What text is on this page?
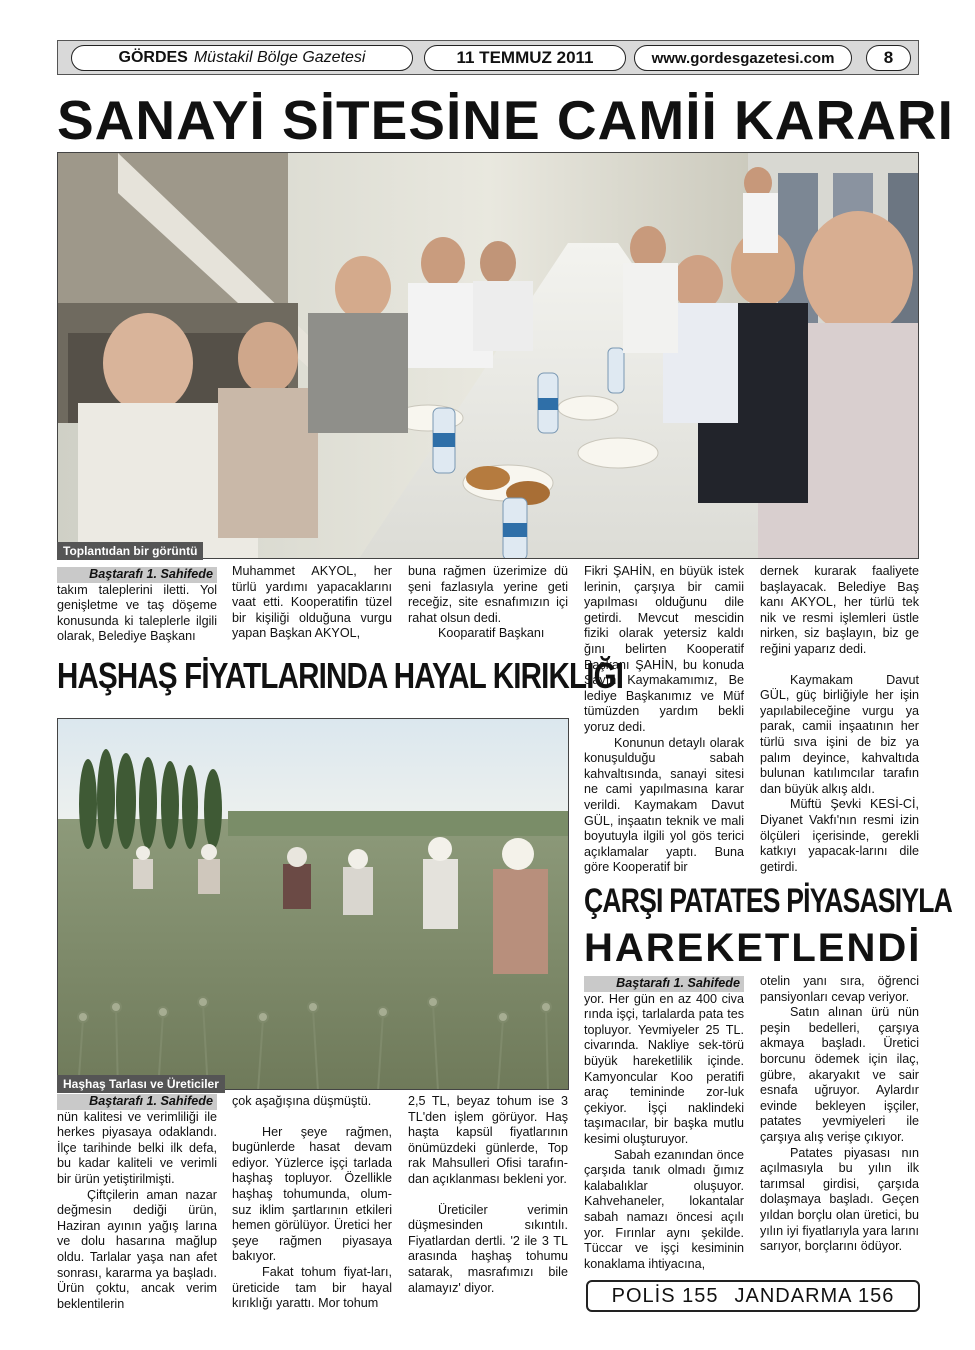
GÖRDES Müstakil Bölge Gazetesi	11 TEMMUZ 2011	www.gordesgazetesi.com	8
SANAYİ SİTESİNE CAMİİ KARARI
Toplantıdan bir görüntü
Baştarafı 1. Sahifede

takım taleplerini iletti. Yol genişletme ve taş döşeme konusunda ki taleplerle ilgili olarak, Belediye Başkanı

Muhammet AKYOL, her türlü yardımı yapacaklarını vaat etti. Kooperatifin tüzel bir kişiliği olduğuna vurgu yapan Başkan AKYOL,

buna rağmen üzerimize dü şeni fazlasıyla yerine geti receğiz, site esnafımızın içi rahat olsun dedi.

Kooparatif Başkanı

Fikri ŞAHİN, en büyük istek lerinin, çarşıya bir camii yapılması olduğunu dile getirdi. Mevcut mescidin fiziki olarak yetersiz kaldı ğını belirten Kooperatif Başkanı ŞAHİN, bu konuda Sayın Kaymakamımız, Be lediye Başkanımız ve Müf tümüzden yardım bekli yoruz dedi.

Konunun detaylı olarak konuşulduğu sabah kahvaltısında, sanayi sitesi ne cami yapılmasına karar verildi. Kaymakam Davut GÜL, inşaatın teknik ve mali boyutuyla ilgili yol gös terici açıklamalar yaptı. Buna göre Kooperatif bir

dernek kurarak faaliyete başlayacak. Belediye Baş kanı AKYOL, her türlü tek nik ve resmi işlemleri üstle nirken, siz başlayın, biz ge reğini yaparız dedi.

Kaymakam Davut GÜL, güç birliğiyle her işin yapılabileceğine vurgu ya parak, camii inşaatının her türlü sıva işini de biz ya palım deyince, kahvaltıda bulunan katılımcılar tarafın dan büyük alkış aldı.

Müftü Şevki KESİ-Cİ, Diyanet Vakfı'nın resmi izin ölçüleri içerisinde, gerekli katkıyı yapacak-larını dile getirdi.

HAŞHAŞ FİYATLARINDA HAYAL KIRIKLIĞI
Haşhaş Tarlası ve Üreticiler
Baştarafı 1. Sahifede

nün kalitesi ve verimliliği ile herkes piyasaya odaklandı. İlçe tarihinde belki ilk defa, bu kadar kaliteli ve verimli bir ürün yetiştirilmişti.

Çiftçilerin aman nazar değmesin dediği ürün, Haziran ayının yağış larına ve dolu hasarına mağlup oldu. Tarlalar yaşa nan afet sonrası, kararma ya başladı. Ürün çoktu, ancak verim beklentilerin

çok aşağışına düşmüştü.

Her şeye rağmen, bugünlerde hasat devam ediyor. Yüzlerce işçi tarlada haşhaş topluyor. Özellikle haşhaş tohumunda, olum-suz iklim şartlarının etkileri hemen görülüyor. Üretici her şeye rağmen piyasaya bakıyor.

Fakat tohum fiyat-ları, üreticide tam bir hayal kırıklığı yarattı. Mor tohum

2,5 TL, beyaz tohum ise 3 TL'den işlem görüyor. Haş haşta kapsül fiyatlarının önümüzdeki günlerde, Top rak Mahsulleri Ofisi tarafın-dan açıklanması bekleni yor.

Üreticiler verimin düşmesinden sıkıntılı. Fiyatlardan dertli. '2 ile 3 TL arasında haşhaş tohumu satarak, masrafımızı bile alamayız' diyor.

ÇARŞI PATATES PİYASASIYLA
HAREKETLENDİ
Baştarafı 1. Sahifede

yor. Her gün en az 400 civa rında işçi, tarlalarda pata tes topluyor. Yevmiyeler 25 TL. civarında. Nakliye sek-törü büyük hareketlilik içinde. Kamyoncular Koo peratifi araç temininde zor-luk çekiyor. İşçi naklindeki taşımacılar, bir başka mutlu kesimi oluşturuyor.

Sabah ezanından önce çarşıda tanık olmadı ğımız kalabalıklar oluşuyor. Kahvehaneler, lokantalar sabah namazı öncesi açılı yor. Fırınlar aynı şekilde. Tüccar ve işçi kesiminin konaklama ihtiyacına,

otelin yanı sıra, öğrenci pansiyonları cevap veriyor.

Satın alınan ürü nün peşin bedelleri, çarşıya akmaya başladı. Üretici borcunu ödemek için ilaç, gübre, akaryakıt ve sair esnafa uğruyor. Aylardır evinde bekleyen işçiler, patates yevmiyeleri ile çarşıya alış verişe çıkıyor.

Patates piyasası nın açılmasıyla bu yılın ilk tarımsal girdisi, çarşıda dolaşmaya başladı. Geçen yıldan borçlu olan üretici, bu yılın iyi fiyatlarıyla yara larını sarıyor, borçlarını ödüyor.

POLİS 155 JANDARMA 156
